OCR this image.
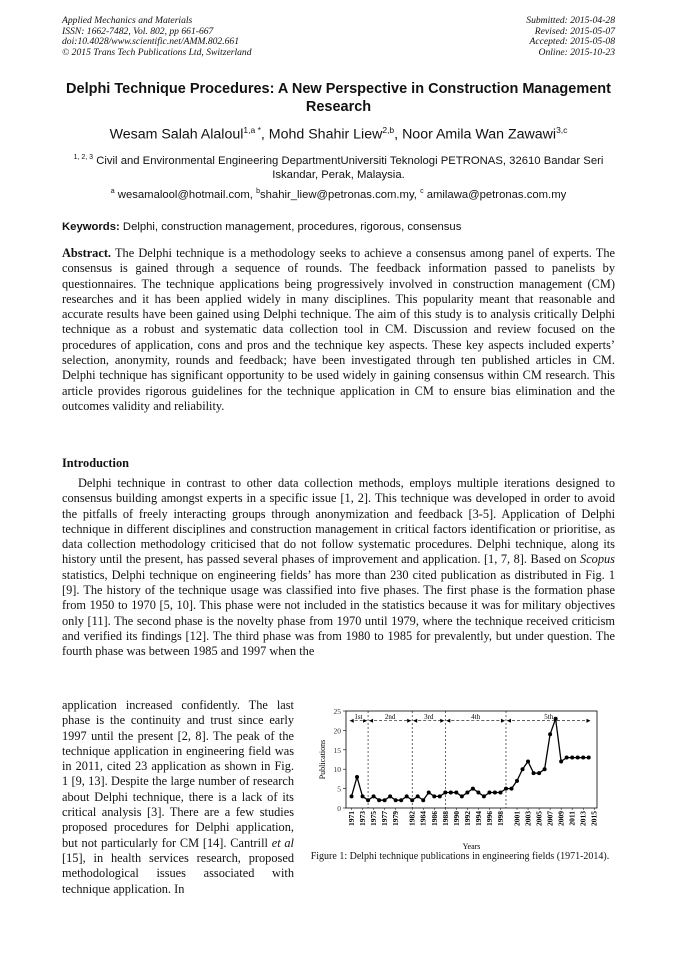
Applied Mechanics and Materials
ISSN: 1662-7482, Vol. 802, pp 661-667
doi:10.4028/www.scientific.net/AMM.802.661
© 2015 Trans Tech Publications Ltd, Switzerland
Submitted: 2015-04-28
Revised: 2015-05-07
Accepted: 2015-05-08
Online: 2015-10-23
Delphi Technique Procedures: A New Perspective in Construction Management Research
Wesam Salah Alaloul$^{1,a *}$, Mohd Shahir Liew$^{2,b}$, Noor Amila Wan Zawawi$^{3,c}$
$^{1, 2, 3}$ Civil and Environmental Engineering DepartmentUniversiti Teknologi PETRONAS, 32610 Bandar Seri Iskandar, Perak, Malaysia.
$^a$ wesamalool@hotmail.com, $^b$shahir_liew@petronas.com.my, $^c$ amilawa@petronas.com.my
Keywords: Delphi, construction management, procedures, rigorous, consensus
Abstract. The Delphi technique is a methodology seeks to achieve a consensus among panel of experts. The consensus is gained through a sequence of rounds. The feedback information passed to panelists by questionnaires. The technique applications being progressively involved in construction management (CM) researches and it has been applied widely in many disciplines. This popularity meant that reasonable and accurate results have been gained using Delphi technique. The aim of this study is to analysis critically Delphi technique as a robust and systematic data collection tool in CM. Discussion and review focused on the procedures of application, cons and pros and the technique key aspects. These key aspects included experts’ selection, anonymity, rounds and feedback; have been investigated through ten published articles in CM. Delphi technique has significant opportunity to be used widely in gaining consensus within CM research. This article provides rigorous guidelines for the technique application in CM to ensure bias elimination and the outcomes validity and reliability.
Introduction

Delphi technique in contrast to other data collection methods, employs multiple iterations designed to consensus building amongst experts in a specific issue [1, 2]. This technique was developed in order to avoid the pitfalls of freely interacting groups through anonymization and feedback [3-5]. Application of Delphi technique in different disciplines and construction management in critical factors identification or prioritise, as data collection methodology criticised that do not follow systematic procedures. Delphi technique, along its history until the present, has passed several phases of improvement and application. [1, 7, 8]. Based on Scopus statistics, Delphi technique on engineering fields’ has more than 230 cited publication as distributed in Fig. 1 [9]. The history of the technique usage was classified into five phases. The first phase is the formation phase from 1950 to 1970 [5, 10]. This phase were not included in the statistics because it was for military objectives only [11]. The second phase is the novelty phase from 1970 until 1979, where the technique received criticism and verified its findings [12]. The third phase was from 1980 to 1985 for prevalently, but under question. The fourth phase was between 1985 and 1997 when the

application increased confidently. The last phase is the continuity and trust since early 1997 until the present [2, 8]. The peak of the technique application in engineering field was in 2011, cited 23 application as shown in Fig. 1 [9, 13]. Despite the large number of research about Delphi technique, there is a lack of its critical analysis [3]. There are a few studies proposed procedures for Delphi application, but not particularly for CM [14]. Cantrill et al [15], in health services research, proposed methodological issues associated with technique application. In

0
5
10
15
20
25
1st	2nd	3rd	4th	5th
1971 1973 1975 1977 1979 1982 1984 1986 1988 1990 1992 1994 1996 1998 2001 2003 2005 2007 2009 2011 2013 2015
Years
Publications
Figure 1: Delphi technique publications in engineering fields (1971-2014).
